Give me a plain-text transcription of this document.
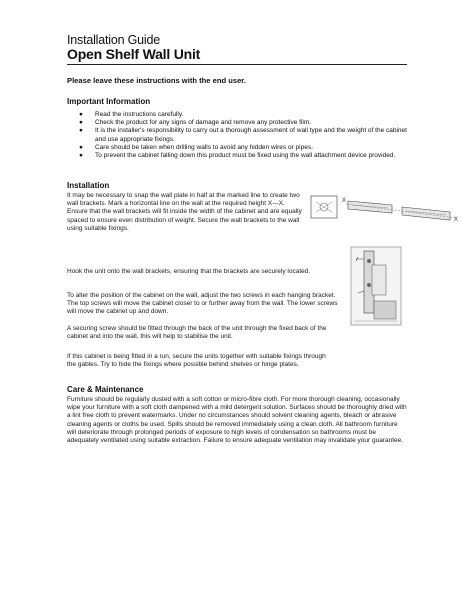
Installation Guide
Open Shelf Wall Unit
Please leave these instructions with the end user.
Important Information
● Read the instructions carefully.
● Check the product for any signs of damage and remove any protective film.
● It is the installer's responsibility to carry out a thorough assessment of wall type and the weight of the cabinet and use appropriate fixings.
● Care should be taken when drilling walls to avoid any hidden wires or pipes.
● To prevent the cabinet falling down this product must be fixed using the wall attachment device provided.
Installation

It may be necessary to snap the wall plate in half at the marked line to create two wall brackets. Mark a horizontal line on the wall at the required height X---X. Ensure that the wall brackets will fit inside the width of the cabinet and are equally spaced to ensure even distribution of weight. Secure the wall brackets to the wall using suitable fixings.

X
X

Hook the unit onto the wall brackets, ensuring that the brackets are securely located.

To alter the position of the cabinet on the wall, adjust the two screws in each hanging bracket. The top screws will move the cabinet closer to or further away from the wall. The lower screws will move the cabinet up and down.

A securing screw should be fitted through the back of the unit through the fixed back of the cabinet and into the wall, this will help to stabilise the unit.

If this cabinet is being fitted in a run, secure the units together with suitable fixings through the gables. Try to hide the fixings where possible behind shelves or hinge plates.

Care & Maintenance

Furniture should be regularly dusted with a soft cotton or micro-fibre cloth. For more thorough cleaning, occasionally wipe your furniture with a soft cloth dampened with a mild detergent solution. Surfaces should be thoroughly dried with a lint free cloth to prevent watermarks. Under no circumstances should solvent cleaning agents, bleach or abrasive cleaning agents or cloths be used. Spills should be removed immediately using a clean cloth. All bathroom furniture will deteriorate through prolonged periods of exposure to high levels of condensation so bathrooms must be adequately ventilated using suitable extraction. Failure to ensure adequate ventilation may invalidate your guarantee.
